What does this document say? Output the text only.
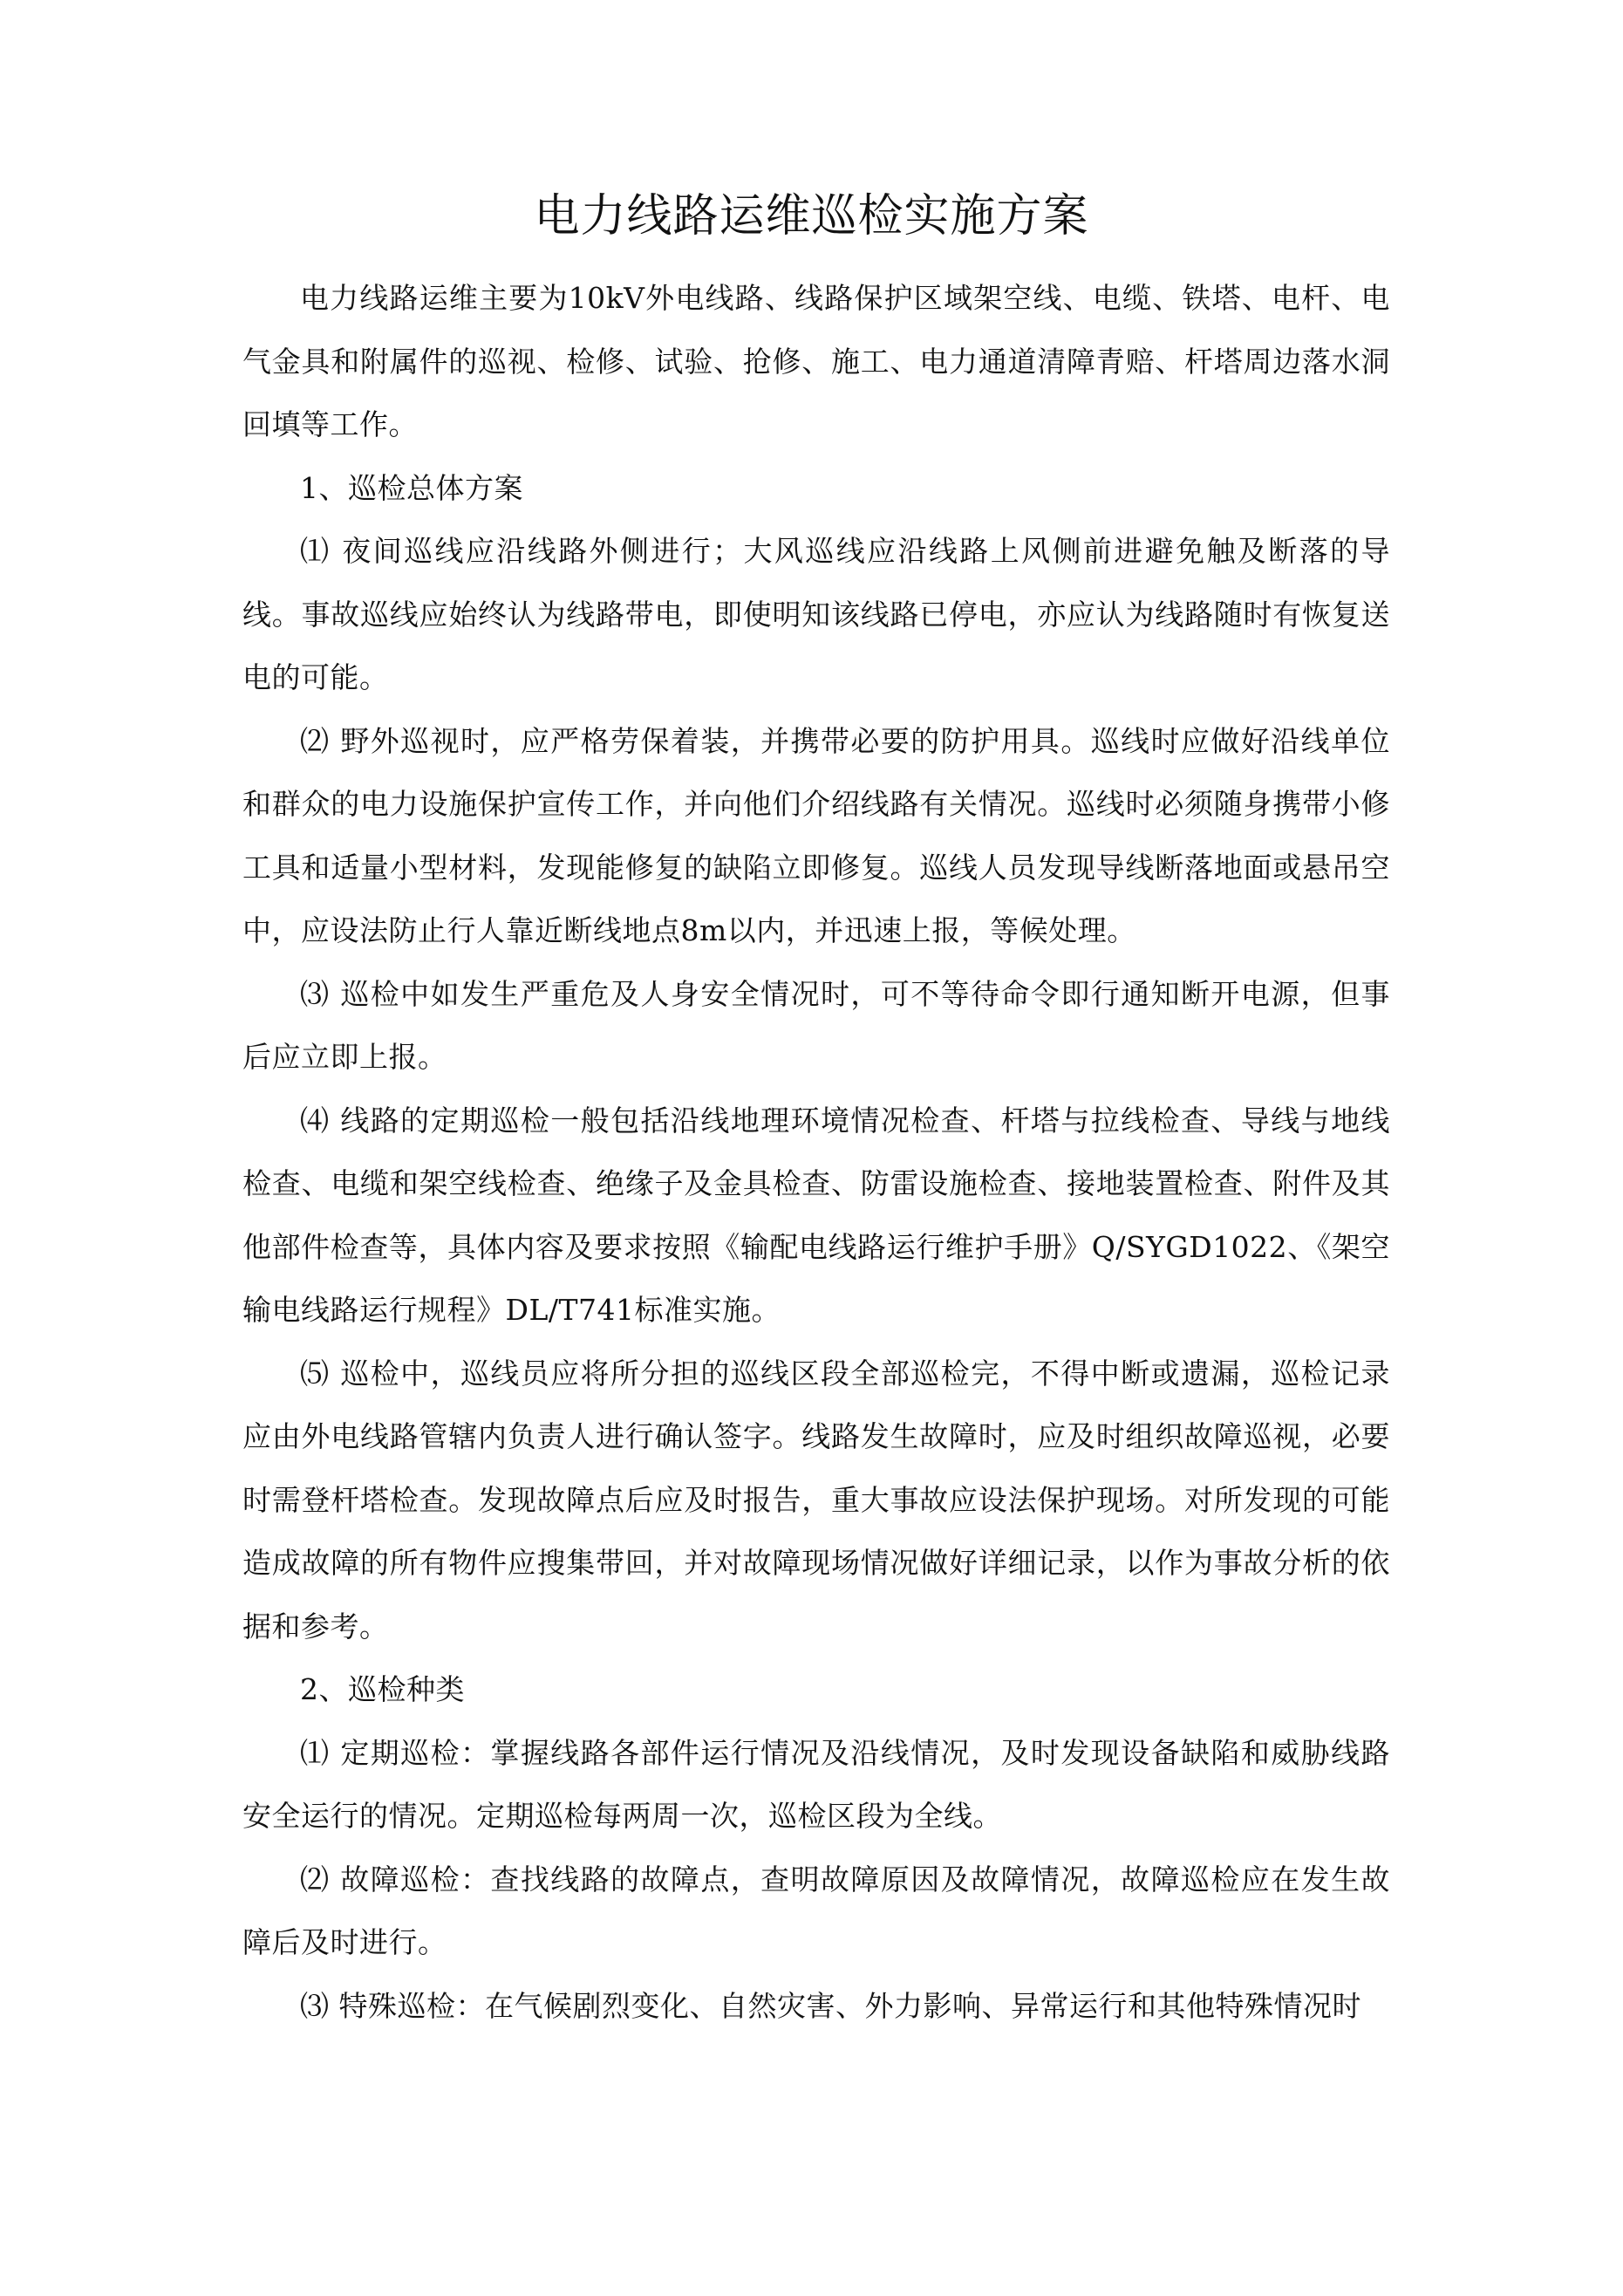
电力线路运维巡检实施方案

电力线路运维主要为10kV外电线路、线路保护区域架空线、电缆、铁塔、电杆、电气金具和附属件的巡视、检修、试验、抢修、施工、电力通道清障青赔、杆塔周边落水洞回填等工作。

1、巡检总体方案

⑴ 夜间巡线应沿线路外侧进行；大风巡线应沿线路上风侧前进避免触及断落的导线。事故巡线应始终认为线路带电，即使明知该线路已停电，亦应认为线路随时有恢复送电的可能。

⑵ 野外巡视时，应严格劳保着装，并携带必要的防护用具。巡线时应做好沿线单位和群众的电力设施保护宣传工作，并向他们介绍线路有关情况。巡线时必须随身携带小修工具和适量小型材料，发现能修复的缺陷立即修复。巡线人员发现导线断落地面或悬吊空中，应设法防止行人靠近断线地点8m以内，并迅速上报，等候处理。

⑶ 巡检中如发生严重危及人身安全情况时，可不等待命令即行通知断开电源，但事后应立即上报。

⑷ 线路的定期巡检一般包括沿线地理环境情况检查、杆塔与拉线检查、导线与地线检查、电缆和架空线检查、绝缘子及金具检查、防雷设施检查、接地装置检查、附件及其他部件检查等，具体内容及要求按照《输配电线路运行维护手册》Q/SYGD1022、《架空输电线路运行规程》DL/T741标准实施。

⑸ 巡检中，巡线员应将所分担的巡线区段全部巡检完，不得中断或遗漏，巡检记录应由外电线路管辖内负责人进行确认签字。线路发生故障时，应及时组织故障巡视，必要时需登杆塔检查。发现故障点后应及时报告，重大事故应设法保护现场。对所发现的可能造成故障的所有物件应搜集带回，并对故障现场情况做好详细记录，以作为事故分析的依据和参考。

2、巡检种类

⑴ 定期巡检：掌握线路各部件运行情况及沿线情况，及时发现设备缺陷和威胁线路安全运行的情况。定期巡检每两周一次，巡检区段为全线。

⑵ 故障巡检：查找线路的故障点，查明故障原因及故障情况，故障巡检应在发生故障后及时进行。

⑶ 特殊巡检：在气候剧烈变化、自然灾害、外力影响、异常运行和其他特殊情况时
